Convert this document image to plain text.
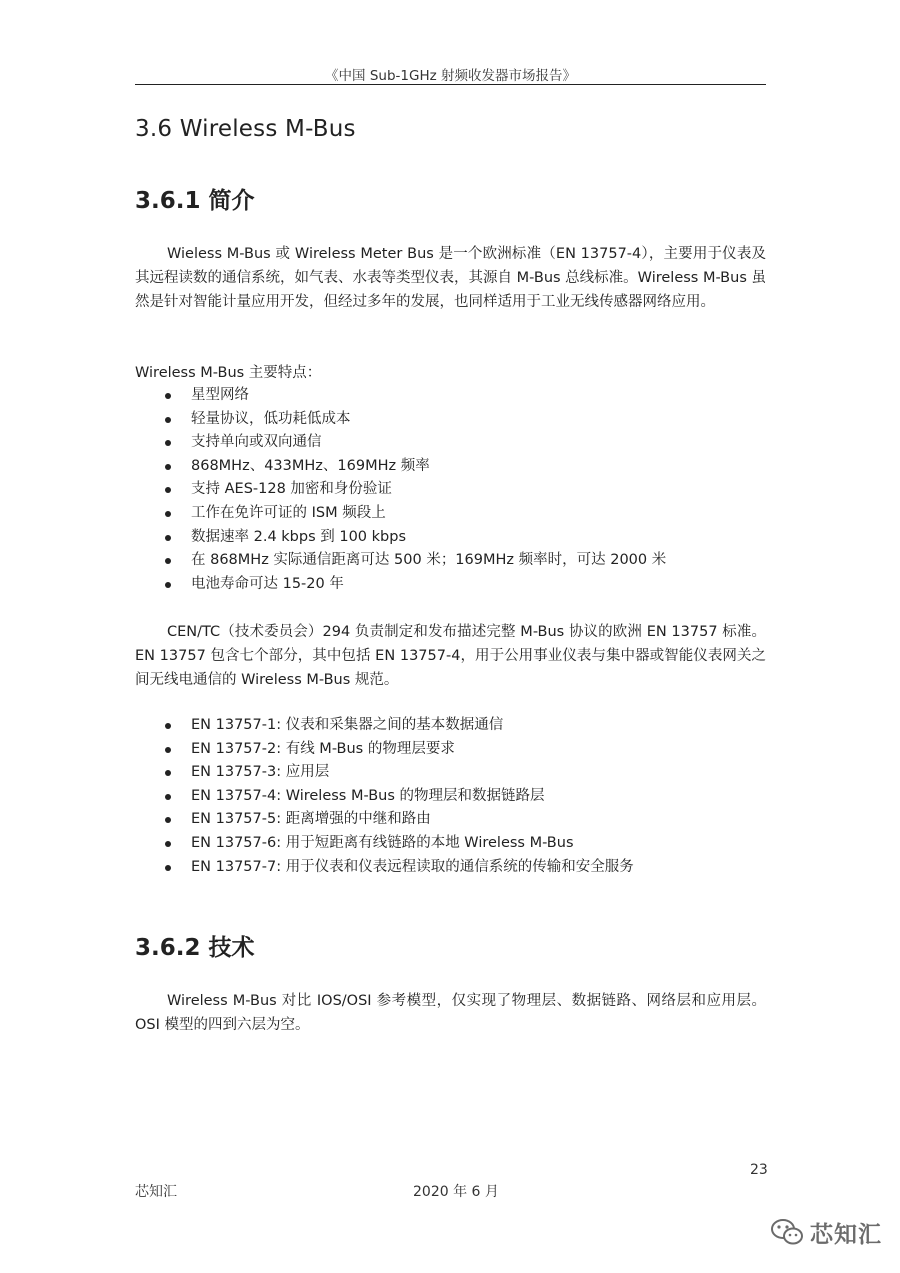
《中国 Sub-1GHz 射频收发器市场报告》
3.6 Wireless M-Bus
3.6.1 简介

Wieless M-Bus 或 Wireless Meter Bus 是一个欧洲标准（EN 13757-4），主要用于仪表及其远程读数的通信系统，如气表、水表等类型仪表，其源自 M-Bus 总线标准。Wireless M-Bus 虽然是针对智能计量应用开发，但经过多年的发展，也同样适用于工业无线传感器网络应用。

Wireless M-Bus 主要特点：

星型网络
轻量协议，低功耗低成本
支持单向或双向通信
868MHz、433MHz、169MHz 频率
支持 AES-128 加密和身份验证
工作在免许可证的 ISM 频段上
数据速率 2.4 kbps 到 100 kbps
在 868MHz 实际通信距离可达 500 米；169MHz 频率时，可达 2000 米
电池寿命可达 15-20 年

CEN/TC（技术委员会）294 负责制定和发布描述完整 M-Bus 协议的欧洲 EN 13757 标准。EN 13757 包含七个部分，其中包括 EN 13757-4，用于公用事业仪表与集中器或智能仪表网关之间无线电通信的 Wireless M-Bus 规范。

EN 13757-1: 仪表和采集器之间的基本数据通信
EN 13757-2: 有线 M-Bus 的物理层要求
EN 13757-3: 应用层
EN 13757-4: Wireless M-Bus 的物理层和数据链路层
EN 13757-5: 距离增强的中继和路由
EN 13757-6: 用于短距离有线链路的本地 Wireless M-Bus
EN 13757-7: 用于仪表和仪表远程读取的通信系统的传输和安全服务
3.6.2 技术

Wireless M-Bus 对比 IOS/OSI 参考模型，仅实现了物理层、数据链路、网络层和应用层。OSI 模型的四到六层为空。

23
芯知汇	2020 年 6 月
芯知汇
